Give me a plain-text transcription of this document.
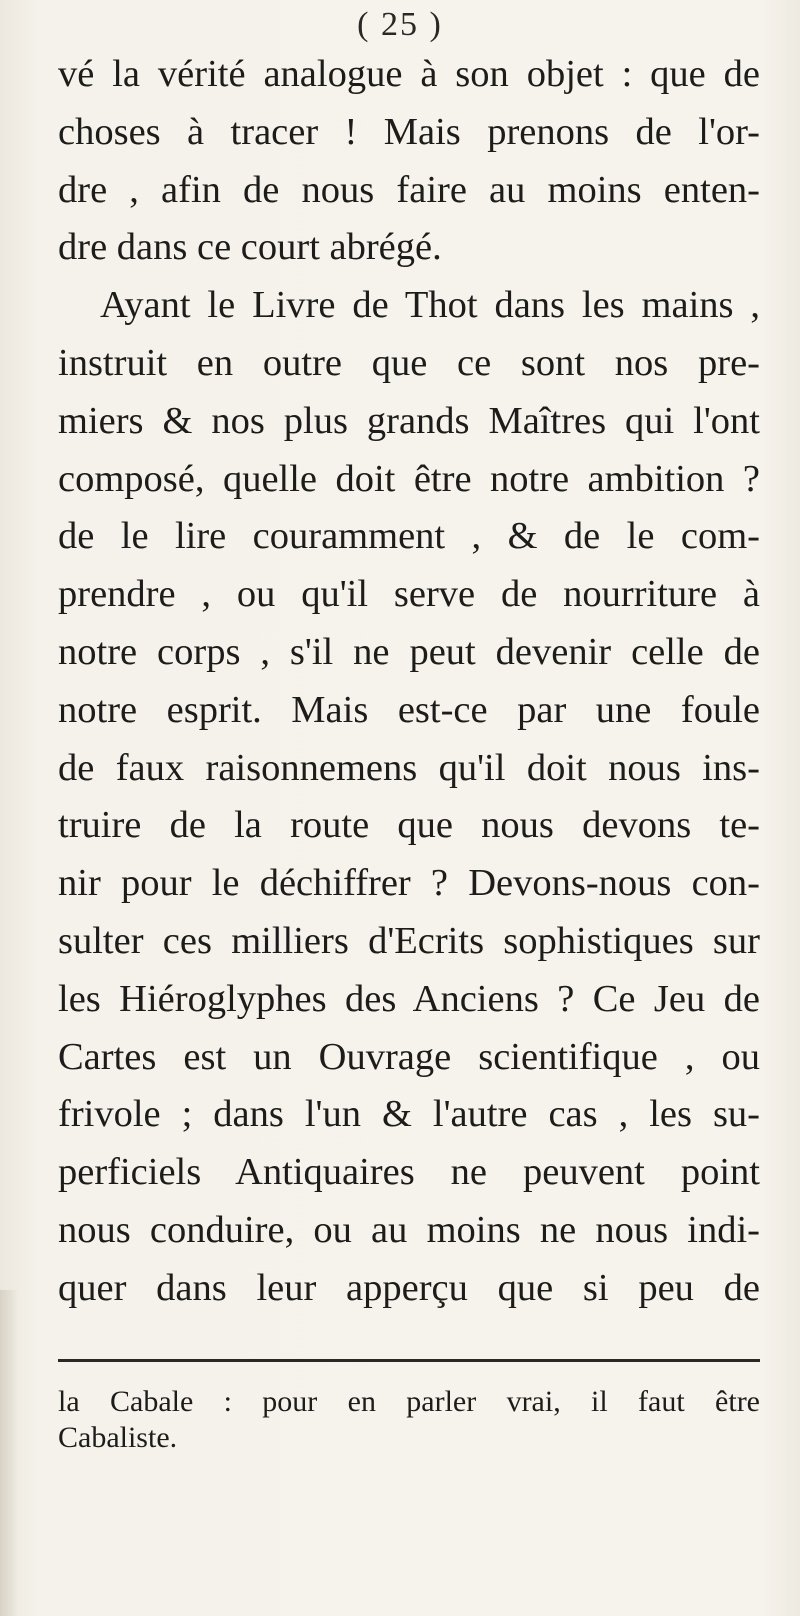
( 25 )
vé la vérité analogue à son objet : que de
choses à tracer ! Mais prenons de l'or-
dre , afin de nous faire au moins enten-
dre dans ce court abrégé.
Ayant le Livre de Thot dans les mains ,
instruit en outre que ce sont nos pre-
miers & nos plus grands Maîtres qui l'ont
composé, quelle doit être notre ambition ?
de le lire couramment , & de le com-
prendre , ou qu'il serve de nourriture à
notre corps , s'il ne peut devenir celle de
notre esprit. Mais est-ce par une foule
de faux raisonnemens qu'il doit nous ins-
truire de la route que nous devons te-
nir pour le déchiffrer ? Devons-nous con-
sulter ces milliers d'Ecrits sophistiques sur
les Hiéroglyphes des Anciens ? Ce Jeu de
Cartes est un Ouvrage scientifique , ou
frivole ; dans l'un & l'autre cas , les su-
perficiels Antiquaires ne peuvent point
nous conduire, ou au moins ne nous indi-
quer dans leur apperçu que si peu de
la Cabale : pour en parler vrai, il faut être
Cabaliste.
